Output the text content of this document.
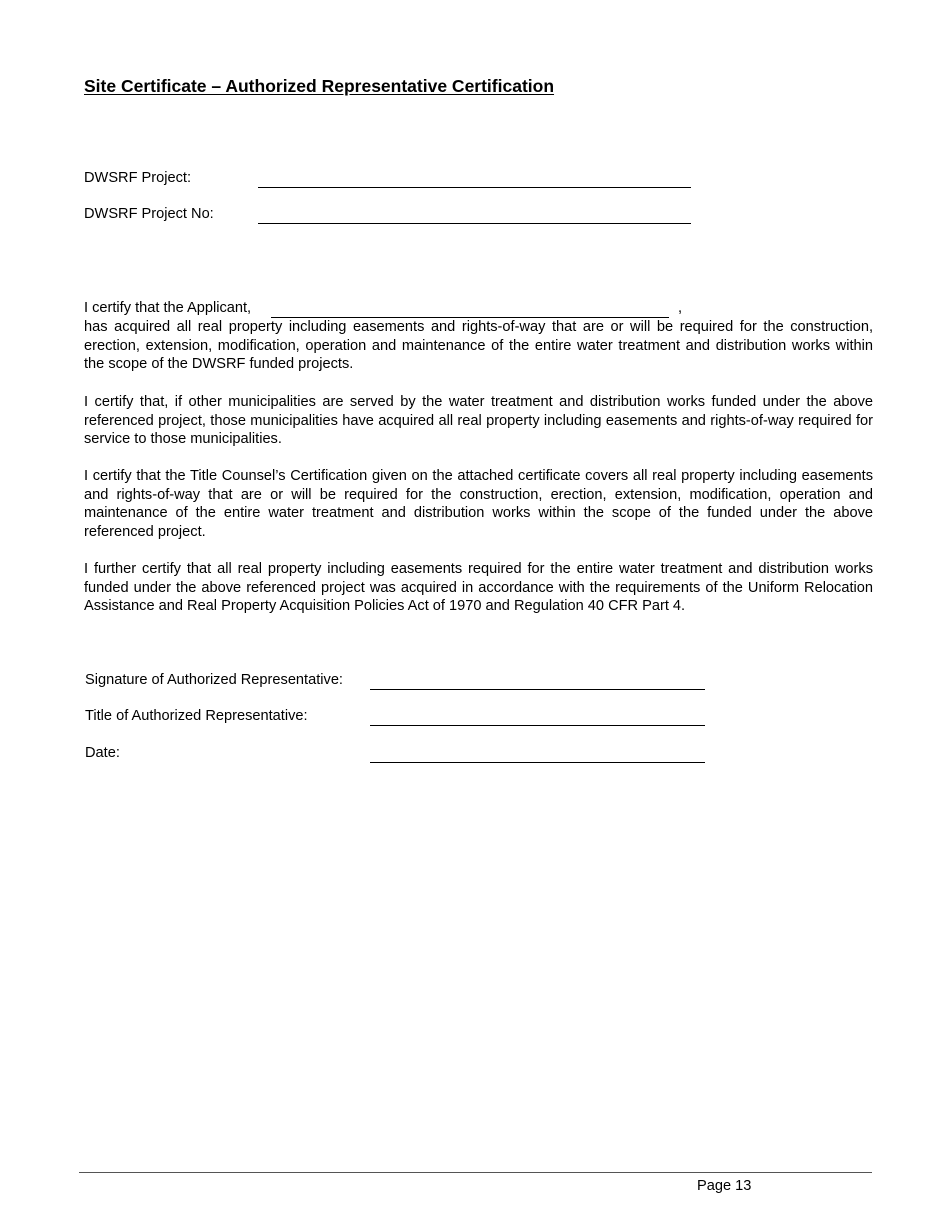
Site Certificate – Authorized Representative Certification
DWSRF Project:
DWSRF Project No:
I certify that the Applicant,	,

has acquired all real property including easements and rights-of-way that are or will be required for the construction, erection, extension, modification, operation and maintenance of the entire water treatment and distribution works within the scope of the DWSRF funded projects.

I certify that, if other municipalities are served by the water treatment and distribution works funded under the above referenced project, those municipalities have acquired all real property including easements and rights-of-way required for service to those municipalities.

I certify that the Title Counsel’s Certification given on the attached certificate covers all real property including easements and rights-of-way that are or will be required for the construction, erection, extension, modification, operation and maintenance of the entire water treatment and distribution works within the scope of the funded under the above referenced project.

I further certify that all real property including easements required for the entire water treatment and distribution works funded under the above referenced project was acquired in accordance with the requirements of the Uniform Relocation Assistance and Real Property Acquisition Policies Act of 1970 and Regulation 40 CFR Part 4.

Signature of Authorized Representative:
Title of Authorized Representative:
Date:
Page 13
